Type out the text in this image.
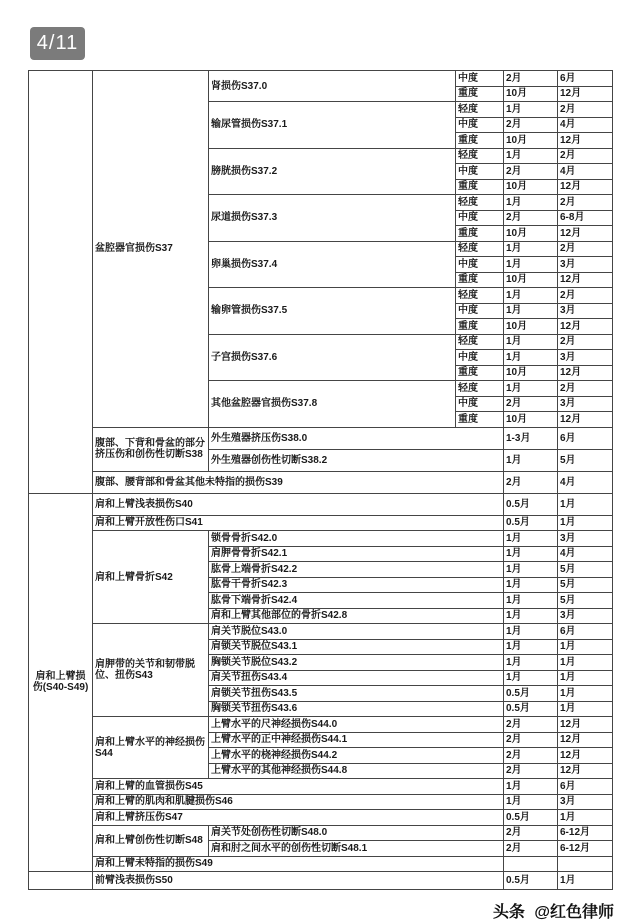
4/11
	盆腔器官损伤S37	肾损伤S37.0	中度	2月	6月
			重度	10月	12月
		输尿管损伤S37.1	轻度	1月	2月
			中度	2月	4月
			重度	10月	12月
		膀胱损伤S37.2	轻度	1月	2月
			中度	2月	4月
			重度	10月	12月
		尿道损伤S37.3	轻度	1月	2月
			中度	2月	6-8月
			重度	10月	12月
		卵巢损伤S37.4	轻度	1月	2月
			中度	1月	3月
			重度	10月	12月
		输卵管损伤S37.5	轻度	1月	2月
			中度	1月	3月
			重度	10月	12月
		子宫损伤S37.6	轻度	1月	2月
			中度	1月	3月
			重度	10月	12月
		其他盆腔器官损伤S37.8	轻度	1月	2月
			中度	2月	3月
			重度	10月	12月
	腹部、下背和骨盆的部分挤压伤和创伤性切断S38	外生殖器挤压伤S38.0		1-3月	6月
		外生殖器创伤性切断S38.2		1月	5月
	腹部、腰背部和骨盆其他未特指的损伤S39			2月	4月
肩和上臂损伤(S40-S49)	肩和上臂浅表损伤S40			0.5月	1月
	肩和上臂开放性伤口S41			0.5月	1月
	肩和上臂骨折S42	锁骨骨折S42.0		1月	3月
		肩胛骨骨折S42.1		1月	4月
		肱骨上端骨折S42.2		1月	5月
		肱骨干骨折S42.3		1月	5月
		肱骨下端骨折S42.4		1月	5月
		肩和上臂其他部位的骨折S42.8		1月	3月
	肩胛带的关节和韧带脱位、扭伤S43	肩关节脱位S43.0		1月	6月
		肩锁关节脱位S43.1		1月	1月
		胸锁关节脱位S43.2		1月	1月
		肩关节扭伤S43.4		1月	1月
		肩锁关节扭伤S43.5		0.5月	1月
		胸锁关节扭伤S43.6		0.5月	1月
	肩和上臂水平的神经损伤S44	上臂水平的尺神经损伤S44.0		2月	12月
		上臂水平的正中神经损伤S44.1		2月	12月
		上臂水平的桡神经损伤S44.2		2月	12月
		上臂水平的其他神经损伤S44.8		2月	12月
	肩和上臂的血管损伤S45			1月	6月
	肩和上臂的肌肉和肌腱损伤S46			1月	3月
	肩和上臂挤压伤S47			0.5月	1月
	肩和上臂创伤性切断S48	肩关节处创伤性切断S48.0		2月	6-12月
		肩和肘之间水平的创伤性切断S48.1		2月	6-12月
	肩和上臂未特指的损伤S49				
	前臂浅表损伤S50			0.5月	1月
头条 @红色律师
